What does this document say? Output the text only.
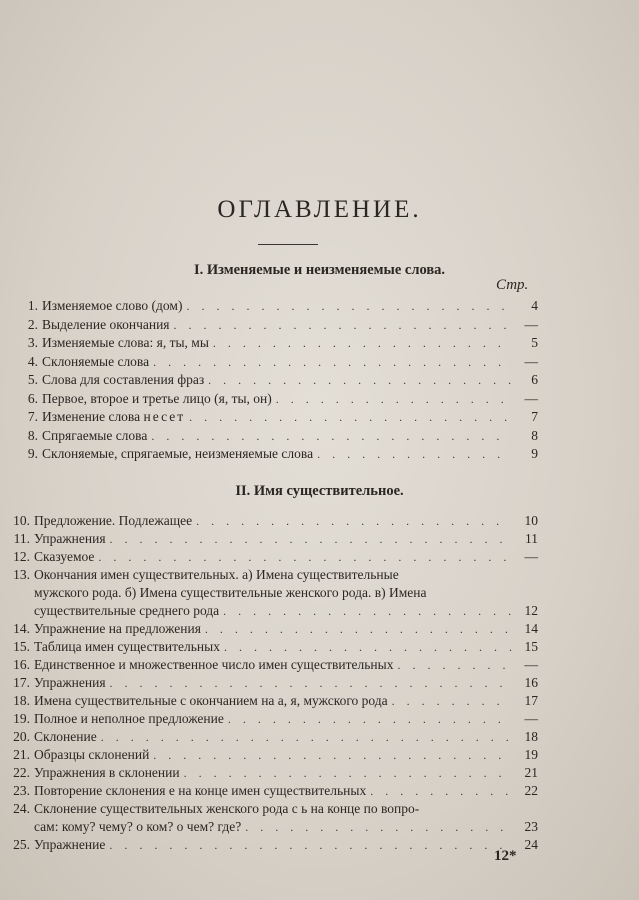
ОГЛАВЛЕНИЕ.
I. Изменяемые и неизменяемые слова.
Стр.
1. Изменяемое слово (дом) . . .	4
2. Выделение окончания . . .	—
3. Изменяемые слова: я, ты, мы . . .	5
4. Склоняемые слова . . .	—
5. Слова для составления фраз . . .	6
6. Первое, второе и третье лицо (я, ты, он) . . .	—
7. Изменение слова несет . . .	7
8. Спрягаемые слова . . .	8
9. Склоняемые, спрягаемые, неизменяемые слова . . .	9
II. Имя существительное.
10. Предложение. Подлежащее . . .	10
11. Упражнения . . .	11
12. Сказуемое . . .	—
13. Окончания имен существительных. а) Имена существительные
мужского рода. б) Имена существительные женского рода. в) Имена
существительные среднего рода . . .	12
14. Упражнение на предложения . . .	14
15. Таблица имен существительных . . .	15
16. Единственное и множественное число имен существительных . . .	—
17. Упражнения . . .	16
18. Имена существительные с окончанием на а, я, мужского рода . . .	17
19. Полное и неполное предложение . . .	—
20. Склонение . . .	18
21. Образцы склонений . . .	19
22. Упражнения в склонении . . .	21
23. Повторение склонения е на конце имен существительных . . .	22
24. Склонение существительных женского рода с ь на конце по вопро-
сам: кому? чему? о ком? о чем? где? . . .	23
25. Упражнение . . .	24
12*
